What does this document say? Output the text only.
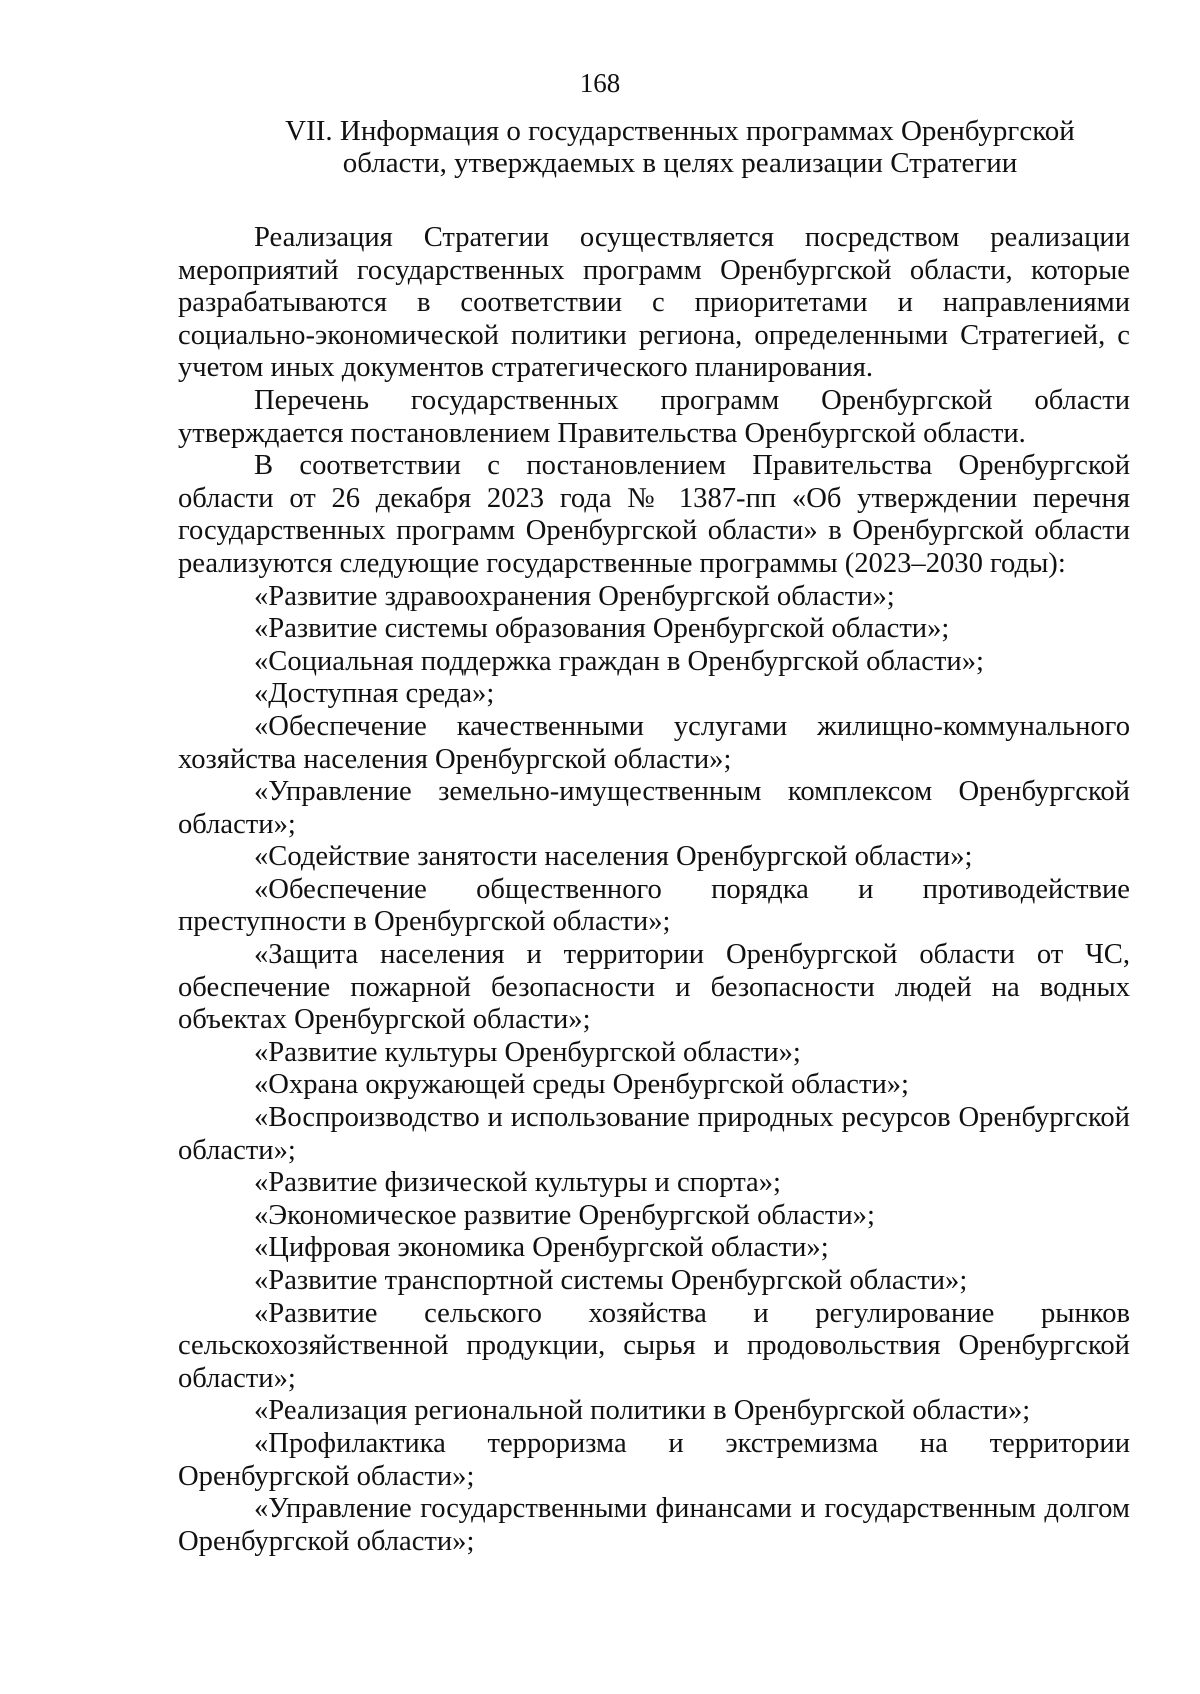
168
VII. Информация о государственных программах Оренбургской
области, утверждаемых в целях реализации Стратегии

Реализация Стратегии осуществляется посредством реализации мероприятий государственных программ Оренбургской области, которые разрабатываются в соответствии с приоритетами и направлениями социально-экономической политики региона, определенными Стратегией, с учетом иных документов стратегического планирования.

Перечень государственных программ Оренбургской области утверждается постановлением Правительства Оренбургской области.

В соответствии с постановлением Правительства Оренбургской области от 26 декабря 2023 года № 1387-пп «Об утверждении перечня государственных программ Оренбургской области» в Оренбургской области реализуются следующие государственные программы (2023–2030 годы):

«Развитие здравоохранения Оренбургской области»;

«Развитие системы образования Оренбургской области»;

«Социальная поддержка граждан в Оренбургской области»;

«Доступная среда»;

«Обеспечение качественными услугами жилищно-коммунального хозяйства населения Оренбургской области»;

«Управление земельно-имущественным комплексом Оренбургской области»;

«Содействие занятости населения Оренбургской области»;

«Обеспечение общественного порядка и противодействие преступности в Оренбургской области»;

«Защита населения и территории Оренбургской области от ЧС, обеспечение пожарной безопасности и безопасности людей на водных объектах Оренбургской области»;

«Развитие культуры Оренбургской области»;

«Охрана окружающей среды Оренбургской области»;

«Воспроизводство и использование природных ресурсов Оренбургской области»;

«Развитие физической культуры и спорта»;

«Экономическое развитие Оренбургской области»;

«Цифровая экономика Оренбургской области»;

«Развитие транспортной системы Оренбургской области»;

«Развитие сельского хозяйства и регулирование рынков сельскохозяйственной продукции, сырья и продовольствия Оренбургской области»;

«Реализация региональной политики в Оренбургской области»;

«Профилактика терроризма и экстремизма на территории Оренбургской области»;

«Управление государственными финансами и государственным долгом Оренбургской области»;
